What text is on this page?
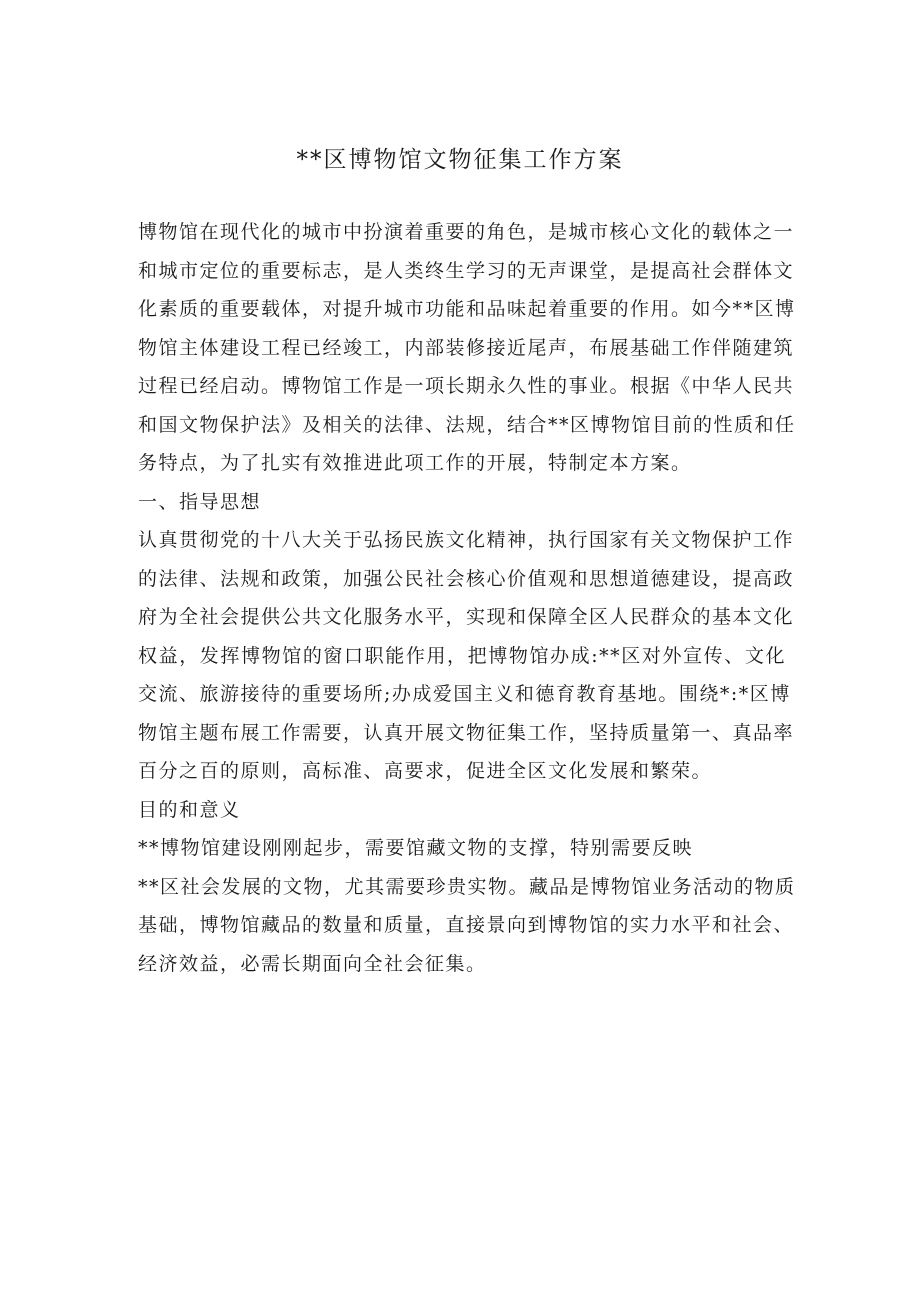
**区博物馆文物征集工作方案

博物馆在现代化的城市中扮演着重要的角色，是城市核心文化的载体之一
和城市定位的重要标志，是人类终生学习的无声课堂，是提高社会群体文
化素质的重要载体，对提升城市功能和品味起着重要的作用。如今**区博
物馆主体建设工程已经竣工，内部装修接近尾声，布展基础工作伴随建筑
过程已经启动。博物馆工作是一项长期永久性的事业。根据《中华人民共
和国文物保护法》及相关的法律、法规，结合**区博物馆目前的性质和任
务特点，为了扎实有效推进此项工作的开展，特制定本方案。

一、指导思想

认真贯彻党的十八大关于弘扬民族文化精神，执行国家有关文物保护工作
的法律、法规和政策，加强公民社会核心价值观和思想道德建设，提高政
府为全社会提供公共文化服务水平，实现和保障全区人民群众的基本文化
权益，发挥博物馆的窗口职能作用，把博物馆办成:**区对外宣传、文化
交流、旅游接待的重要场所;办成爱国主义和德育教育基地。围绕*:*区博
物馆主题布展工作需要，认真开展文物征集工作，坚持质量第一、真品率
百分之百的原则，高标准、高要求，促进全区文化发展和繁荣。

目的和意义

**博物馆建设刚刚起步，需要馆藏文物的支撑，特别需要反映

**区社会发展的文物，尤其需要珍贵实物。藏品是博物馆业务活动的物质
基础，博物馆藏品的数量和质量，直接景向到博物馆的实力水平和社会、
经济效益，必需长期面向全社会征集。
